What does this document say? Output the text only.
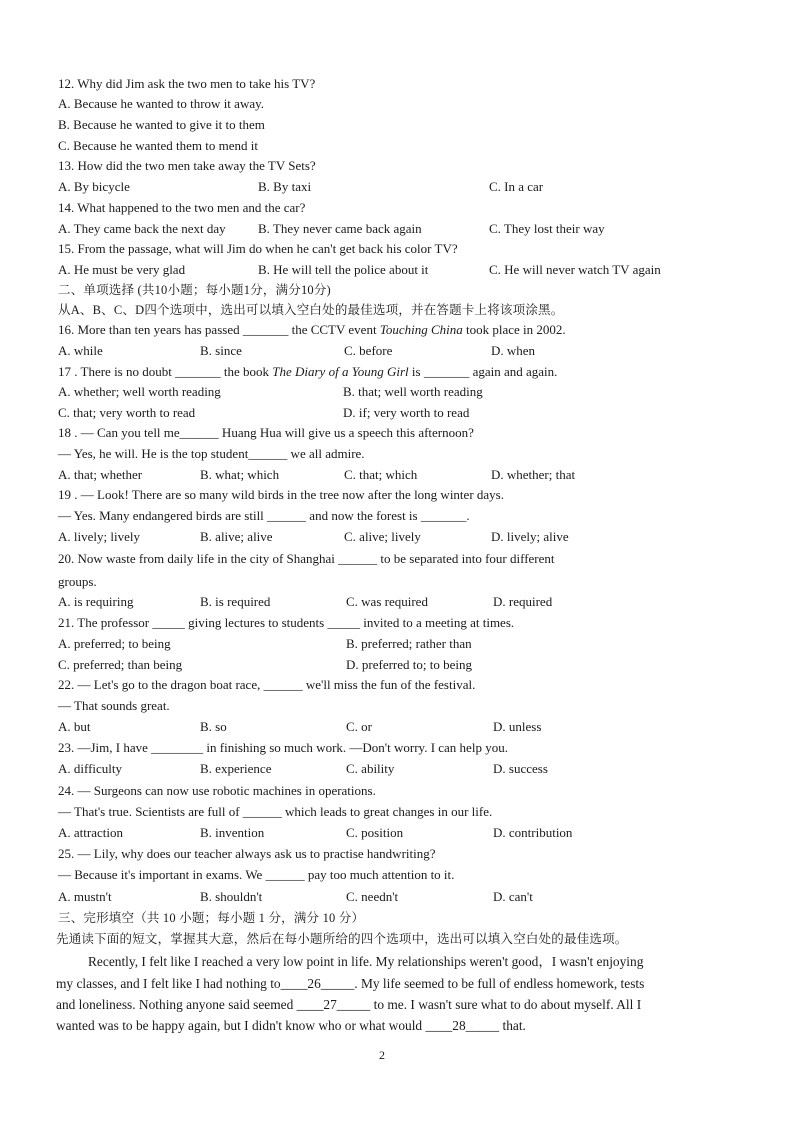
12. Why did Jim ask the two men to take his TV?
A. Because he wanted to throw it away.
B. Because he wanted to give it to them
C. Because he wanted them to mend it
13. How did the two men take away the TV Sets?
A. By bicycle	B. By taxi	C. In a car
14. What happened to the two men and the car?
A. They came back the next day B. They never came back again	C. They lost their way
15. From the passage, what will Jim do when he can't get back his color TV?
A. He must be very glad	B. He will tell the police about it	C. He will never watch TV again
二、单项选择 (共10小题；每小题1分，满分10分)
从A、B、C、D四个选项中，选出可以填入空白处的最佳选项，并在答题卡上将该项涂黑。
16. More than ten years has passed _______ the CCTV event Touching China took place in 2002.
A. while	B. since	C. before	D. when
17 . There is no doubt _______ the book The Diary of a Young Girl is _______ again and again.
A. whether; well worth reading	B. that; well worth reading
C. that; very worth to read	D. if; very worth to read
18 . — Can you tell me______ Huang Hua will give us a speech this afternoon?
— Yes, he will. He is the top student______ we all admire.
A. that; whether	B. what; which	C. that; which	D. whether; that
19 . — Look! There are so many wild birds in the tree now after the long winter days.
— Yes. Many endangered birds are still ______ and now the forest is _______.
A. lively; lively	B. alive; alive	C. alive; lively	D. lively; alive
20. Now waste from daily life in the city of Shanghai ______ to be separated into four different
groups.
A. is requiring	B. is required	C. was required	D. required
21. The professor _____ giving lectures to students _____ invited to a meeting at times.
A. preferred; to being	B. preferred; rather than
C. preferred; than being	D. preferred to; to being
22. — Let's go to the dragon boat race, ______ we'll miss the fun of the festival.
— That sounds great.
A. but	B. so	C. or	D. unless
23. —Jim, I have ________ in finishing so much work. —Don't worry. I can help you.
A. difficulty	B. experience	C. ability	D. success
24. — Surgeons can now use robotic machines in operations.
— That's true. Scientists are full of ______ which leads to great changes in our life.
A. attraction	B. invention	C. position	D. contribution
25. — Lily, why does our teacher always ask us to practise handwriting?
— Because it's important in exams. We ______ pay too much attention to it.
A. mustn't	B. shouldn't	C. needn't	D. can't
三、完形填空（共 10 小题；每小题 1 分，满分 10 分）
先通读下面的短文，掌握其大意，然后在每小题所给的四个选项中，选出可以填入空白处的最佳选项。
Recently, I felt like I reached a very low point in life. My relationships weren't good，I wasn't enjoying
my classes, and I felt like I had nothing to____26_____. My life seemed to be full of endless homework, tests
and loneliness. Nothing anyone said seemed ____27_____ to me. I wasn't sure what to do about myself. All I
wanted was to be happy again, but I didn't know who or what would ____28_____ that.
2
